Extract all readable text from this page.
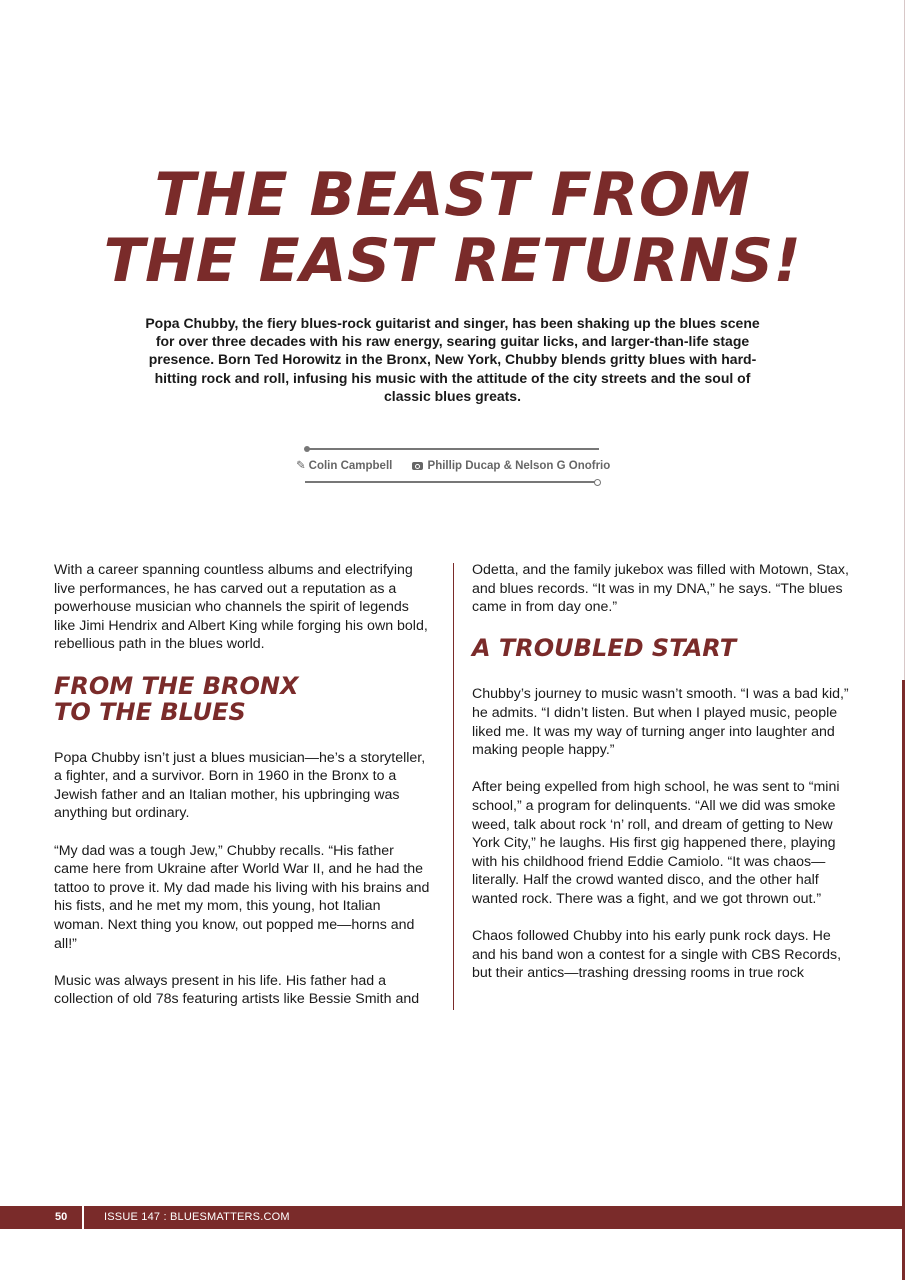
THE BEAST FROM
THE EAST RETURNS!

Popa Chubby, the fiery blues-rock guitarist and singer, has been shaking up the blues scene for over three decades with his raw energy, searing guitar licks, and larger-than-life stage presence. Born Ted Horowitz in the Bronx, New York, Chubby blends gritty blues with hard-hitting rock and roll, infusing his music with the attitude of the city streets and the soul of classic blues greats.

✎ Colin Campbell	Phillip Ducap & Nelson G Onofrio

With a career spanning countless albums and electrifying live performances, he has carved out a reputation as a powerhouse musician who channels the spirit of legends like Jimi Hendrix and Albert King while forging his own bold, rebellious path in the blues world.

FROM THE BRONX
TO THE BLUES

Popa Chubby isn’t just a blues musician—he’s a storyteller, a fighter, and a survivor. Born in 1960 in the Bronx to a Jewish father and an Italian mother, his upbringing was anything but ordinary.

“My dad was a tough Jew,” Chubby recalls. “His father came here from Ukraine after World War II, and he had the tattoo to prove it. My dad made his living with his brains and his fists, and he met my mom, this young, hot Italian woman. Next thing you know, out popped me—horns and all!”

Music was always present in his life. His father had a collection of old 78s featuring artists like Bessie Smith and

Odetta, and the family jukebox was filled with Motown, Stax, and blues records. “It was in my DNA,” he says. “The blues came in from day one.”

A TROUBLED START

Chubby’s journey to music wasn’t smooth. “I was a bad kid,” he admits. “I didn’t listen. But when I played music, people liked me. It was my way of turning anger into laughter and making people happy.”

After being expelled from high school, he was sent to “mini school,” a program for delinquents. “All we did was smoke weed, talk about rock ‘n’ roll, and dream of getting to New York City,” he laughs. His first gig happened there, playing with his childhood friend Eddie Camiolo. “It was chaos—literally. Half the crowd wanted disco, and the other half wanted rock. There was a fight, and we got thrown out.”

Chaos followed Chubby into his early punk rock days. He and his band won a contest for a single with CBS Records, but their antics—trashing dressing rooms in true rock

50	ISSUE 147 : BLUESMATTERS.COM
